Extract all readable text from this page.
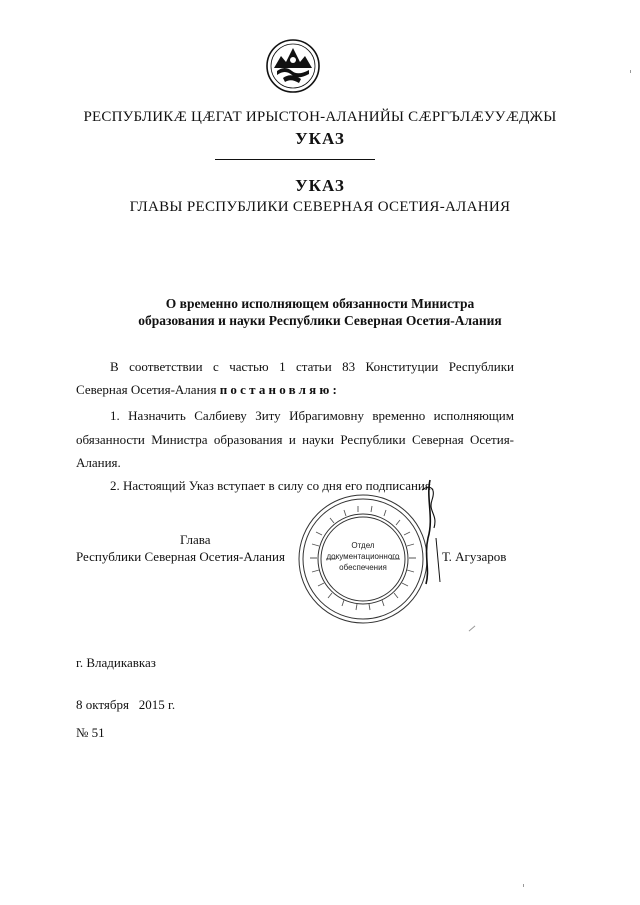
РЕСПУБЛИКӔ ЦӔГАТ ИРЫСТОН-АЛАНИЙЫ СӔРГЪЛӔУУӔДЖЫ
УКАЗ
УКАЗ
ГЛАВЫ РЕСПУБЛИКИ СЕВЕРНАЯ ОСЕТИЯ-АЛАНИЯ
О временно исполняющем обязанности Министра
образования и науки Республики Северная Осетия-Алания
В соответствии с частью 1 статьи 83 Конституции Республики
Северная Осетия-Алания постановляю:
1. Назначить Салбиеву Зиту Ибрагимовну временно исполняющим
обязанности Министра образования и науки Республики Северная Осетия-
Алания.
2. Настоящий Указ вступает в силу со дня его подписания.
Отдел
документационного
обеспечения
Глава
Республики Северная Осетия-Алания	Т. Агузаров
г. Владикавказ
8 октября   2015 г.
№ 51
